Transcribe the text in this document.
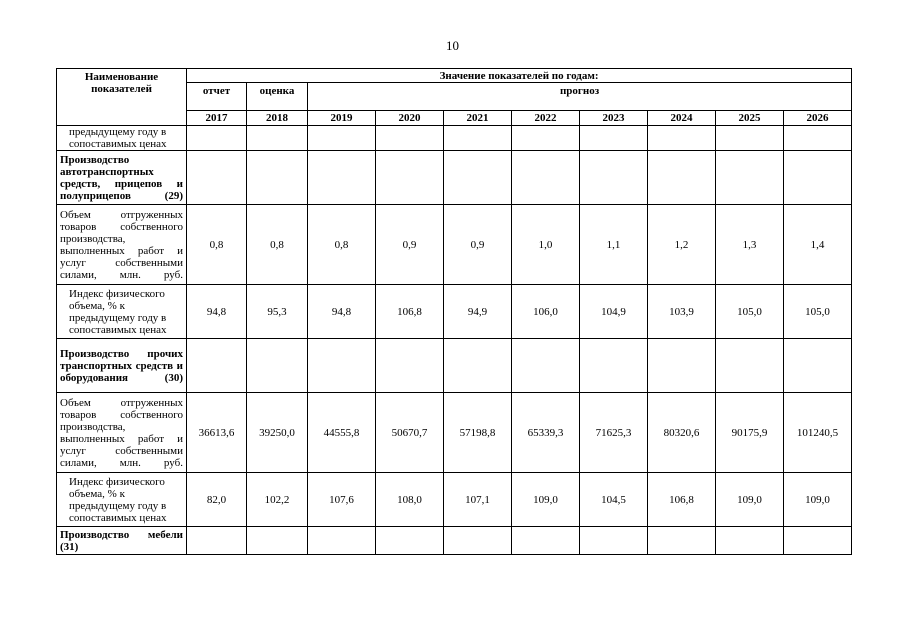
10
Наименование показателей	Значение показателей по годам:									
	отчет	оценка	прогноз							
	2017	2018	2019	2020	2021	2022	2023	2024	2025	2026
предыдущему году в сопоставимых ценах										
Производство автотранспортных средств, прицепов и полуприцепов (29)										
Объем отгруженных товаров собственного производства, выполненных работ и услуг собственными силами, млн. руб.	0,8	0,8	0,8	0,9	0,9	1,0	1,1	1,2	1,3	1,4
Индекс физического объема, % к предыдущему году в сопоставимых ценах	94,8	95,3	94,8	106,8	94,9	106,0	104,9	103,9	105,0	105,0
Производство прочих транспортных средств и оборудования (30)										
Объем отгруженных товаров собственного производства, выполненных работ и услуг собственными силами, млн. руб.	36613,6	39250,0	44555,8	50670,7	57198,8	65339,3	71625,3	80320,6	90175,9	101240,5
Индекс физического объема, % к предыдущему году в сопоставимых ценах	82,0	102,2	107,6	108,0	107,1	109,0	104,5	106,8	109,0	109,0
Производство мебели (31)										
